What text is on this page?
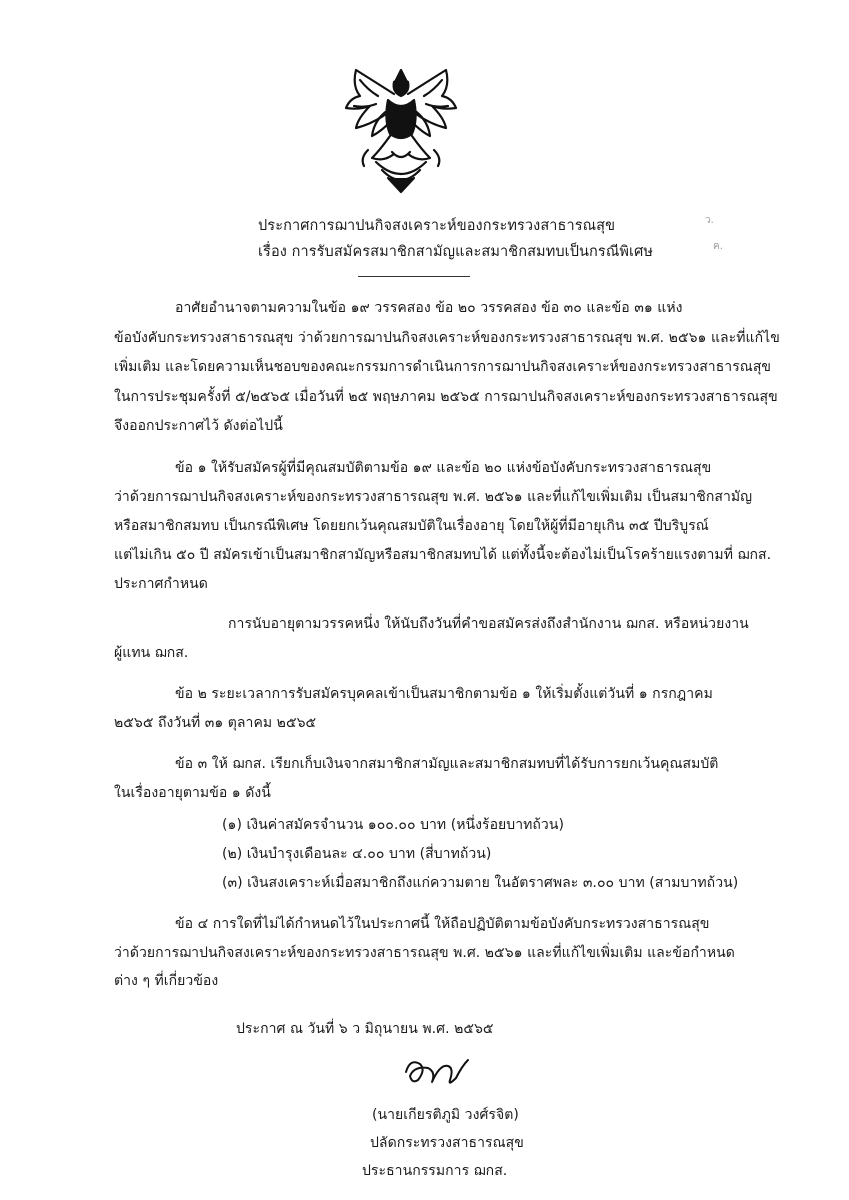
ว.
ค.
ประกาศการฌาปนกิจสงเคราะห์ของกระทรวงสาธารณสุข
เรื่อง การรับสมัครสมาชิกสามัญและสมาชิกสมทบเป็นกรณีพิเศษ
อาศัยอำนาจตามความในข้อ ๑๙ วรรคสอง ข้อ ๒๐ วรรคสอง ข้อ ๓๐ และข้อ ๓๑ แห่ง
ข้อบังคับกระทรวงสาธารณสุข ว่าด้วยการฌาปนกิจสงเคราะห์ของกระทรวงสาธารณสุข พ.ศ. ๒๕๖๑ และที่แก้ไข
เพิ่มเติม และโดยความเห็นชอบของคณะกรรมการดำเนินการการฌาปนกิจสงเคราะห์ของกระทรวงสาธารณสุข
ในการประชุมครั้งที่ ๕/๒๕๖๕ เมื่อวันที่ ๒๕ พฤษภาคม ๒๕๖๕ การฌาปนกิจสงเคราะห์ของกระทรวงสาธารณสุข
จึงออกประกาศไว้ ดังต่อไปนี้
ข้อ ๑ ให้รับสมัครผู้ที่มีคุณสมบัติตามข้อ ๑๙ และข้อ ๒๐ แห่งข้อบังคับกระทรวงสาธารณสุข
ว่าด้วยการฌาปนกิจสงเคราะห์ของกระทรวงสาธารณสุข พ.ศ. ๒๕๖๑ และที่แก้ไขเพิ่มเติม เป็นสมาชิกสามัญ
หรือสมาชิกสมทบ เป็นกรณีพิเศษ โดยยกเว้นคุณสมบัติในเรื่องอายุ โดยให้ผู้ที่มีอายุเกิน ๓๕ ปีบริบูรณ์
แต่ไม่เกิน ๕๐ ปี สมัครเข้าเป็นสมาชิกสามัญหรือสมาชิกสมทบได้ แต่ทั้งนี้จะต้องไม่เป็นโรคร้ายแรงตามที่ ฌกส.
ประกาศกำหนด
การนับอายุตามวรรคหนึ่ง ให้นับถึงวันที่คำขอสมัครส่งถึงสำนักงาน ฌกส. หรือหน่วยงาน
ผู้แทน ฌกส.
ข้อ ๒ ระยะเวลาการรับสมัครบุคคลเข้าเป็นสมาชิกตามข้อ ๑ ให้เริ่มตั้งแต่วันที่ ๑ กรกฎาคม
๒๕๖๕ ถึงวันที่ ๓๑ ตุลาคม ๒๕๖๕
ข้อ ๓ ให้ ฌกส. เรียกเก็บเงินจากสมาชิกสามัญและสมาชิกสมทบที่ได้รับการยกเว้นคุณสมบัติ
ในเรื่องอายุตามข้อ ๑ ดังนี้
(๑) เงินค่าสมัครจำนวน ๑๐๐.๐๐ บาท (หนึ่งร้อยบาทถ้วน)
(๒) เงินบำรุงเดือนละ ๔.๐๐ บาท (สี่บาทถ้วน)
(๓) เงินสงเคราะห์เมื่อสมาชิกถึงแก่ความตาย ในอัตราศพละ ๓.๐๐ บาท (สามบาทถ้วน)
ข้อ ๔ การใดที่ไม่ได้กำหนดไว้ในประกาศนี้ ให้ถือปฏิบัติตามข้อบังคับกระทรวงสาธารณสุข
ว่าด้วยการฌาปนกิจสงเคราะห์ของกระทรวงสาธารณสุข พ.ศ. ๒๕๖๑ และที่แก้ไขเพิ่มเติม และข้อกำหนด
ต่าง ๆ ที่เกี่ยวข้อง
ประกาศ ณ วันที่ ๖ ว มิถุนายน พ.ศ. ๒๕๖๕
(นายเกียรติภูมิ วงศ์รจิต)
ปลัดกระทรวงสาธารณสุข
ประธานกรรมการ ฌกส.
